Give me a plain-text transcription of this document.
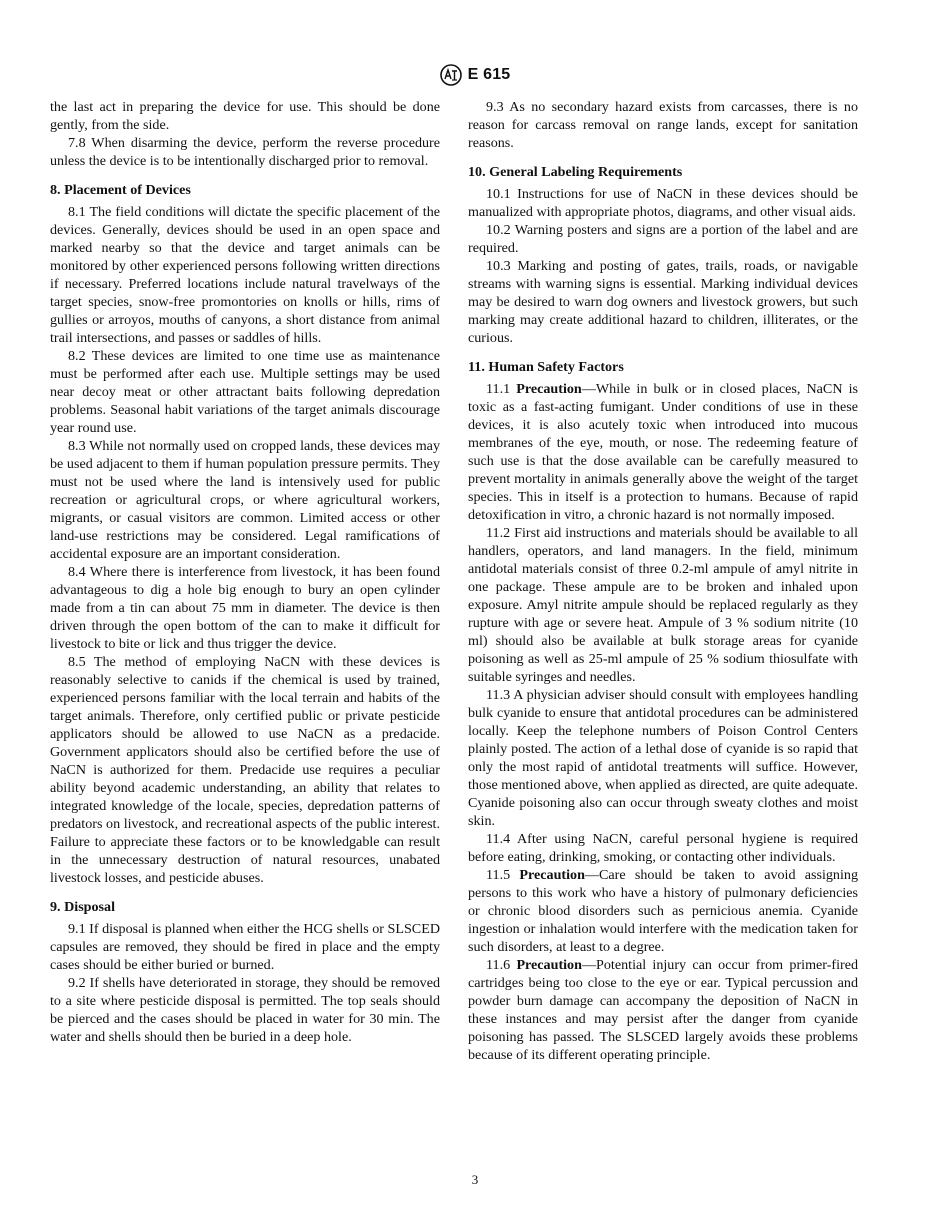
E 615

the last act in preparing the device for use. This should be done gently, from the side.

7.8 When disarming the device, perform the reverse procedure unless the device is to be intentionally discharged prior to removal.

8. Placement of Devices

8.1 The field conditions will dictate the specific placement of the devices. Generally, devices should be used in an open space and marked nearby so that the device and target animals can be monitored by other experienced persons following written directions if necessary. Preferred locations include natural travelways of the target species, snow-free promontories on knolls or hills, rims of gullies or arroyos, mouths of canyons, a short distance from animal trail intersections, and passes or saddles of hills.

8.2 These devices are limited to one time use as maintenance must be performed after each use. Multiple settings may be used near decoy meat or other attractant baits following depredation problems. Seasonal habit variations of the target animals discourage year round use.

8.3 While not normally used on cropped lands, these devices may be used adjacent to them if human population pressure permits. They must not be used where the land is intensively used for public recreation or agricultural crops, or where agricultural workers, migrants, or casual visitors are common. Limited access or other land-use restrictions may be considered. Legal ramifications of accidental exposure are an important consideration.

8.4 Where there is interference from livestock, it has been found advantageous to dig a hole big enough to bury an open cylinder made from a tin can about 75 mm in diameter. The device is then driven through the open bottom of the can to make it difficult for livestock to bite or lick and thus trigger the device.

8.5 The method of employing NaCN with these devices is reasonably selective to canids if the chemical is used by trained, experienced persons familiar with the local terrain and habits of the target animals. Therefore, only certified public or private pesticide applicators should be allowed to use NaCN as a predacide. Government applicators should also be certified before the use of NaCN is authorized for them. Predacide use requires a peculiar ability beyond academic understanding, an ability that relates to integrated knowledge of the locale, species, depredation patterns of predators on livestock, and recreational aspects of the public interest. Failure to appreciate these factors or to be knowledgable can result in the unnecessary destruction of natural resources, unabated livestock losses, and pesticide abuses.

9. Disposal

9.1 If disposal is planned when either the HCG shells or SLSCED capsules are removed, they should be fired in place and the empty cases should be either buried or burned.

9.2 If shells have deteriorated in storage, they should be removed to a site where pesticide disposal is permitted. The top seals should be pierced and the cases should be placed in water for 30 min. The water and shells should then be buried in a deep hole.

9.3 As no secondary hazard exists from carcasses, there is no reason for carcass removal on range lands, except for sanitation reasons.

10. General Labeling Requirements

10.1 Instructions for use of NaCN in these devices should be manualized with appropriate photos, diagrams, and other visual aids.

10.2 Warning posters and signs are a portion of the label and are required.

10.3 Marking and posting of gates, trails, roads, or navigable streams with warning signs is essential. Marking individual devices may be desired to warn dog owners and livestock growers, but such marking may create additional hazard to children, illiterates, or the curious.

11. Human Safety Factors

11.1 Precaution—While in bulk or in closed places, NaCN is toxic as a fast-acting fumigant. Under conditions of use in these devices, it is also acutely toxic when introduced into mucous membranes of the eye, mouth, or nose. The redeeming feature of such use is that the dose available can be carefully measured to prevent mortality in animals generally above the weight of the target species. This in itself is a protection to humans. Because of rapid detoxification in vitro, a chronic hazard is not normally imposed.

11.2 First aid instructions and materials should be available to all handlers, operators, and land managers. In the field, minimum antidotal materials consist of three 0.2-ml ampule of amyl nitrite in one package. These ampule are to be broken and inhaled upon exposure. Amyl nitrite ampule should be replaced regularly as they rupture with age or severe heat. Ampule of 3 % sodium nitrite (10 ml) should also be available at bulk storage areas for cyanide poisoning as well as 25-ml ampule of 25 % sodium thiosulfate with suitable syringes and needles.

11.3 A physician adviser should consult with employees handling bulk cyanide to ensure that antidotal procedures can be administered locally. Keep the telephone numbers of Poison Control Centers plainly posted. The action of a lethal dose of cyanide is so rapid that only the most rapid of antidotal treatments will suffice. However, those mentioned above, when applied as directed, are quite adequate. Cyanide poisoning also can occur through sweaty clothes and moist skin.

11.4 After using NaCN, careful personal hygiene is required before eating, drinking, smoking, or contacting other individuals.

11.5 Precaution—Care should be taken to avoid assigning persons to this work who have a history of pulmonary deficiencies or chronic blood disorders such as pernicious anemia. Cyanide ingestion or inhalation would interfere with the medication taken for such disorders, at least to a degree.

11.6 Precaution—Potential injury can occur from primer-fired cartridges being too close to the eye or ear. Typical percussion and powder burn damage can accompany the deposition of NaCN in these instances and may persist after the danger from cyanide poisoning has passed. The SLSCED largely avoids these problems because of its different operating principle.

3
